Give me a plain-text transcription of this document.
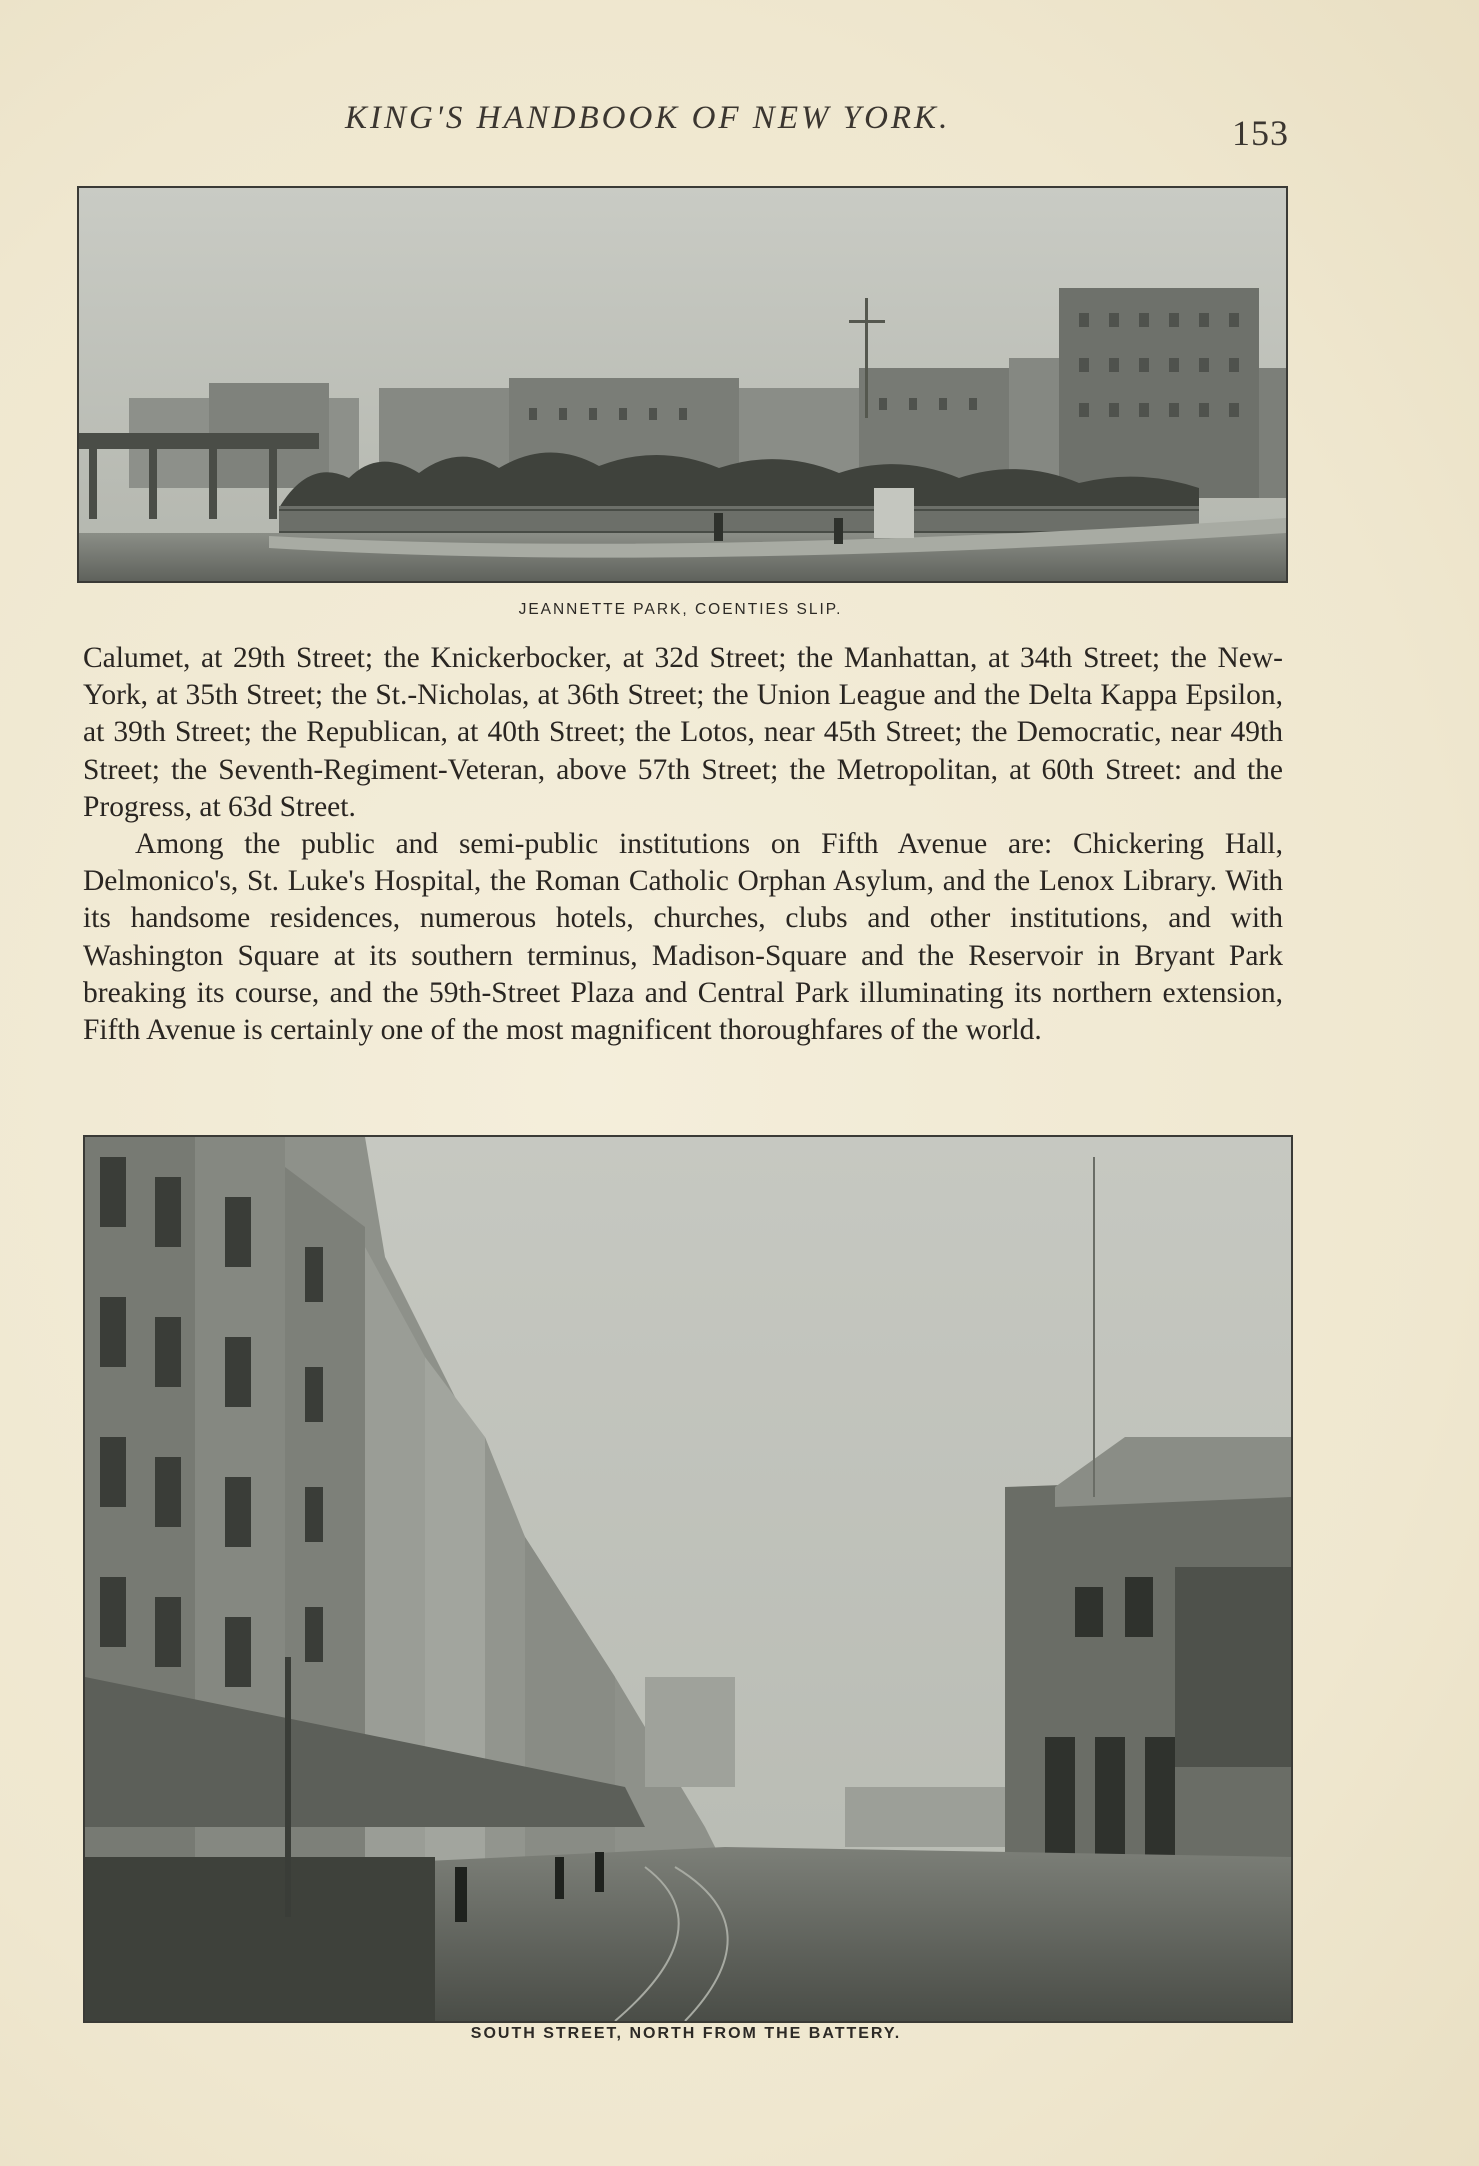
KING'S HANDBOOK OF NEW YORK.	153
JEANNETTE PARK, COENTIES SLIP.

Calumet, at 29th Street; the Knickerbocker, at 32d Street; the Manhattan, at 34th Street; the New-York, at 35th Street; the St.-Nicholas, at 36th Street; the Union League and the Delta Kappa Epsilon, at 39th Street; the Republican, at 40th Street; the Lotos, near 45th Street; the Democratic, near 49th Street; the Seventh-Regiment-Veteran, above 57th Street; the Metropolitan, at 60th Street: and the Progress, at 63d Street.

Among the public and semi-public institutions on Fifth Avenue are: Chickering Hall, Delmonico's, St. Luke's Hospital, the Roman Catholic Orphan Asylum, and the Lenox Library. With its handsome residences, numerous hotels, churches, clubs and other institutions, and with Washington Square at its southern terminus, Madison-Square and the Reservoir in Bryant Park breaking its course, and the 59th-Street Plaza and Central Park illuminating its northern extension, Fifth Avenue is certainly one of the most magnificent thoroughfares of the world.

SOUTH STREET, NORTH FROM THE BATTERY.
